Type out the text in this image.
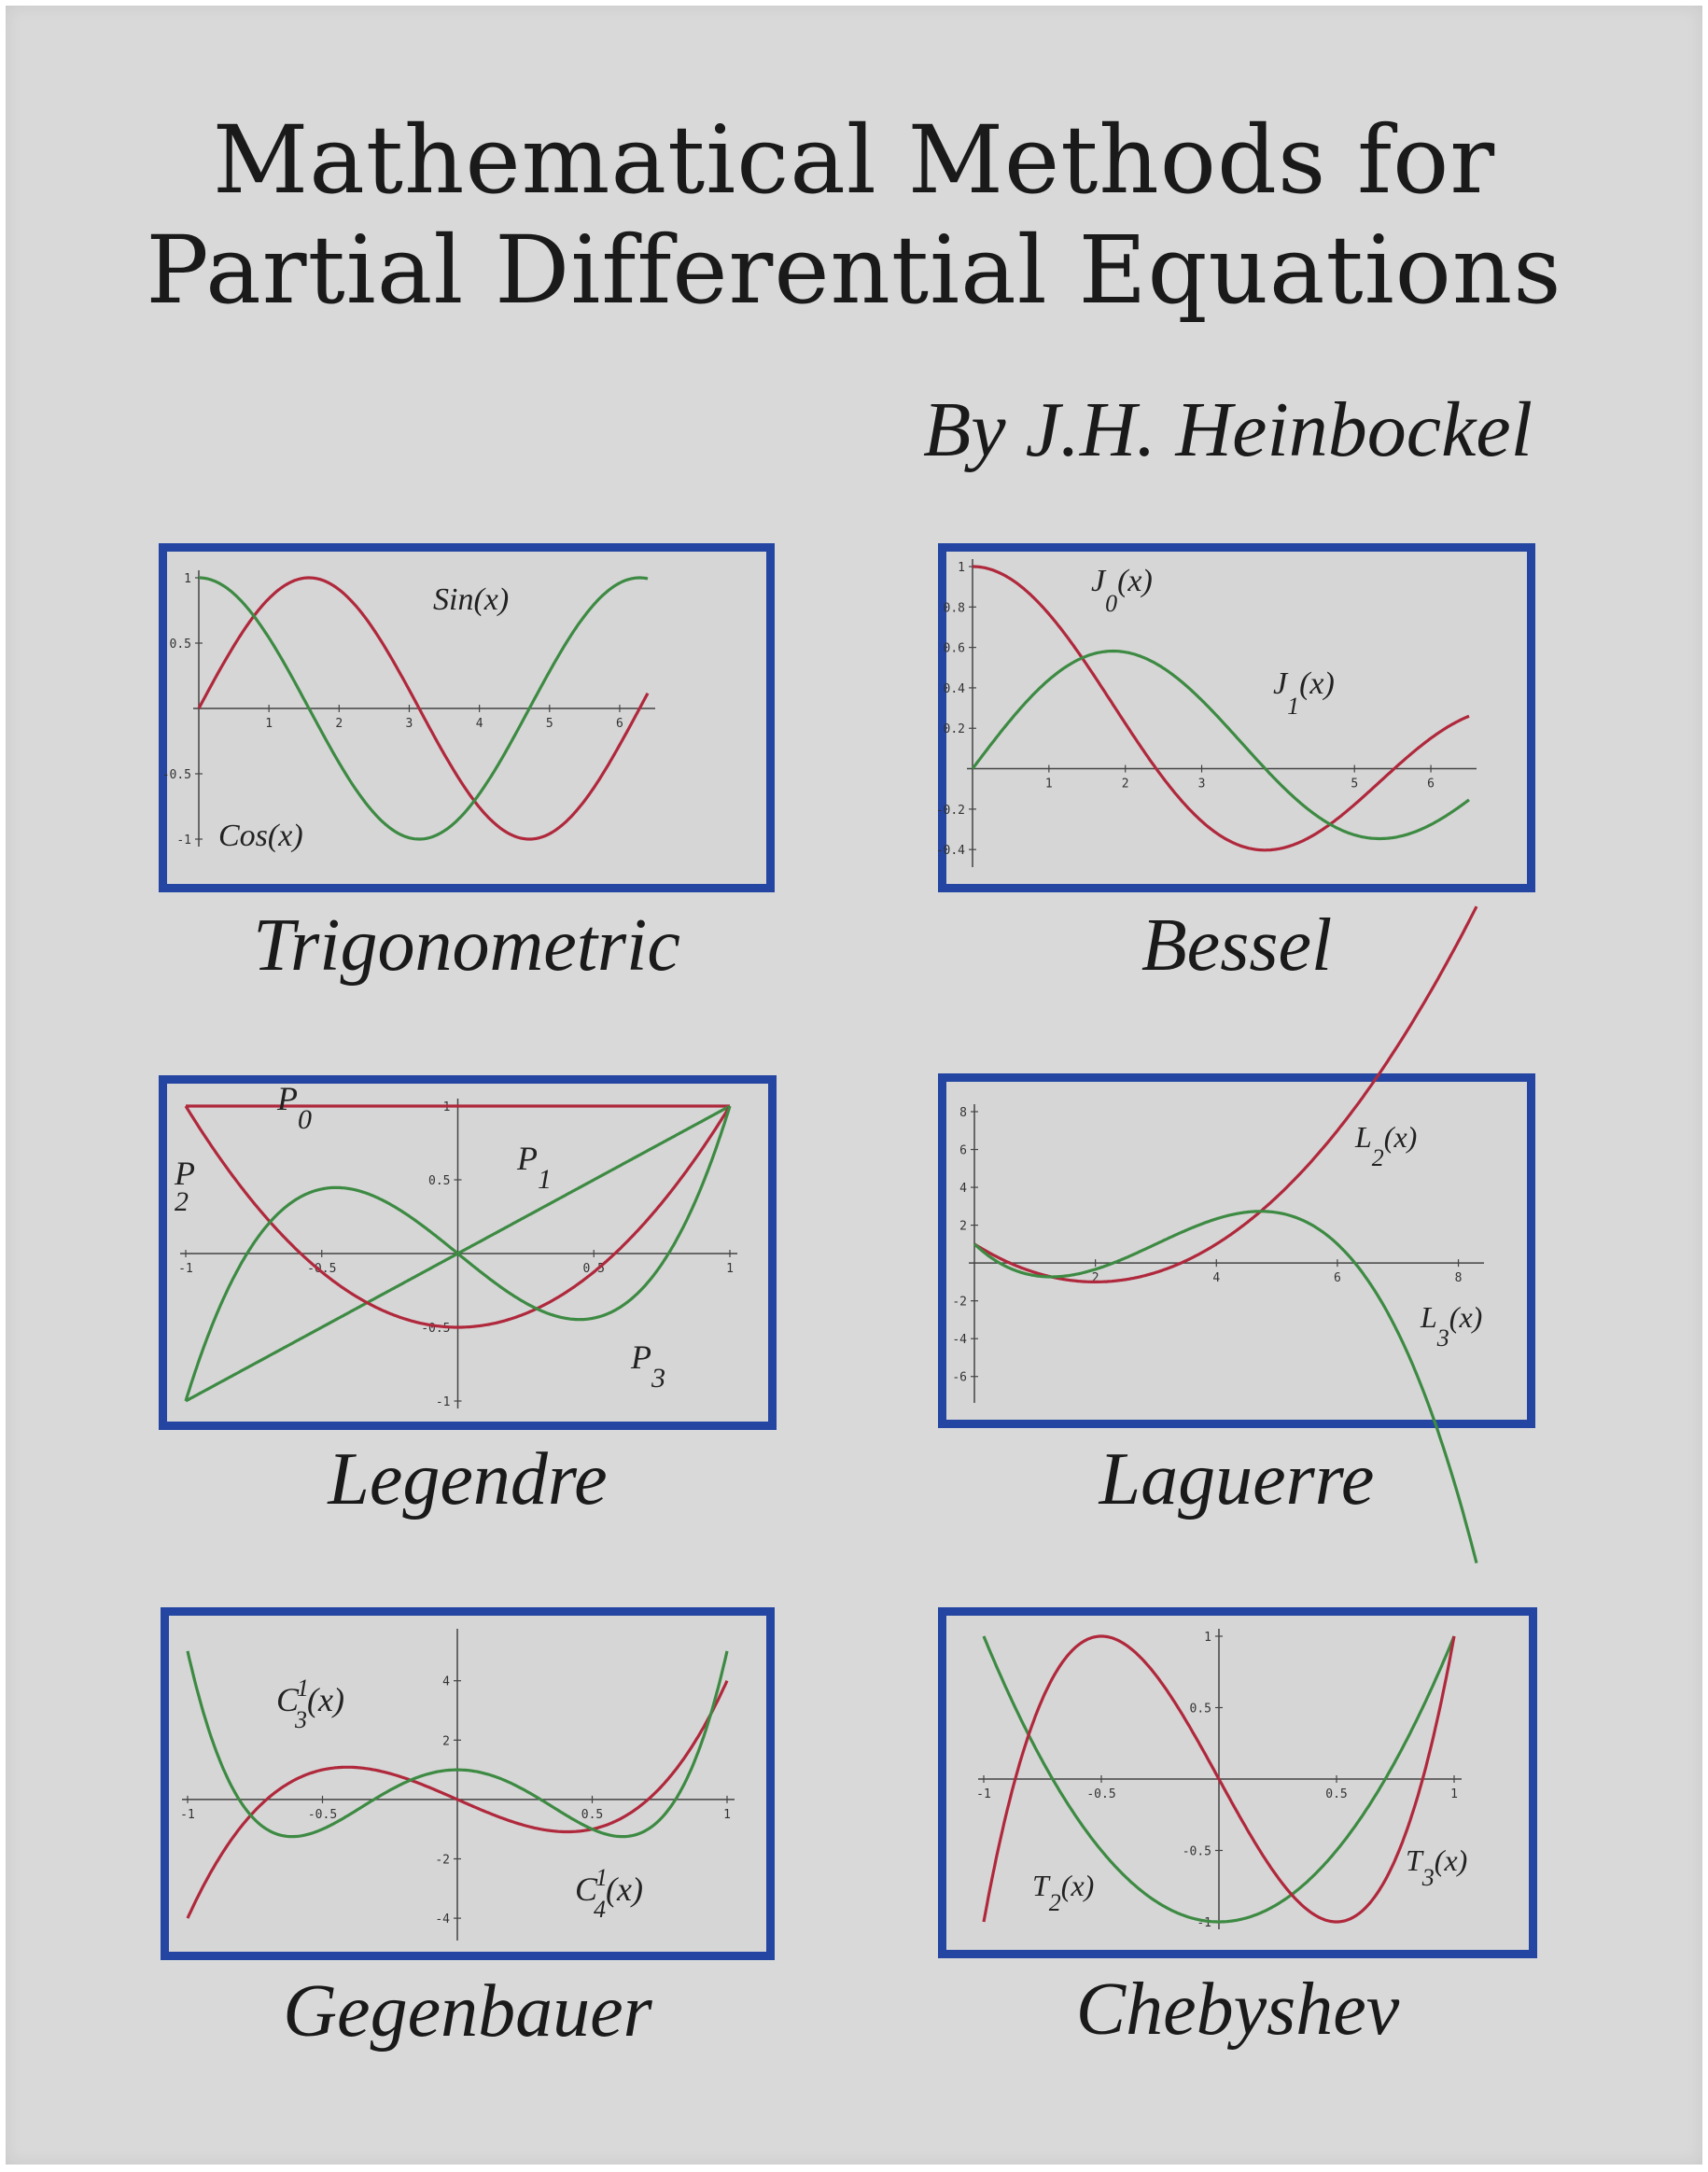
Mathematical Methods for
Partial Differential Equations
By J.H. Heinbockel
1	2	3	4	5	6
1
0.5
-0.5
-1
Sin(x)
Cos(x)
Trigonometric
1	2	3	5	6
1
0.8
0.6
0.4
0.2
-0.2
-0.4
$J_0(x)$
$J_1(x)$
Bessel
-1	-0.5	0.5	1
1
0.5
-0.5
-1
$P_0$
$P_1$
P 2
$P_3$
Legendre
2	4	6	8
8
6
4
2
-2
-4
-6
$L_2(x)$
$L_3(x)$
Laguerre
-1	-0.5	0.5	1
4
2
-2
-4
C1 3(x)
C1 4(x)
Gegenbauer
-1	-0.5	0.5	1
1
0.5
-0.5
-1
$T_2(x)$
$T_3(x)$
Chebyshev
